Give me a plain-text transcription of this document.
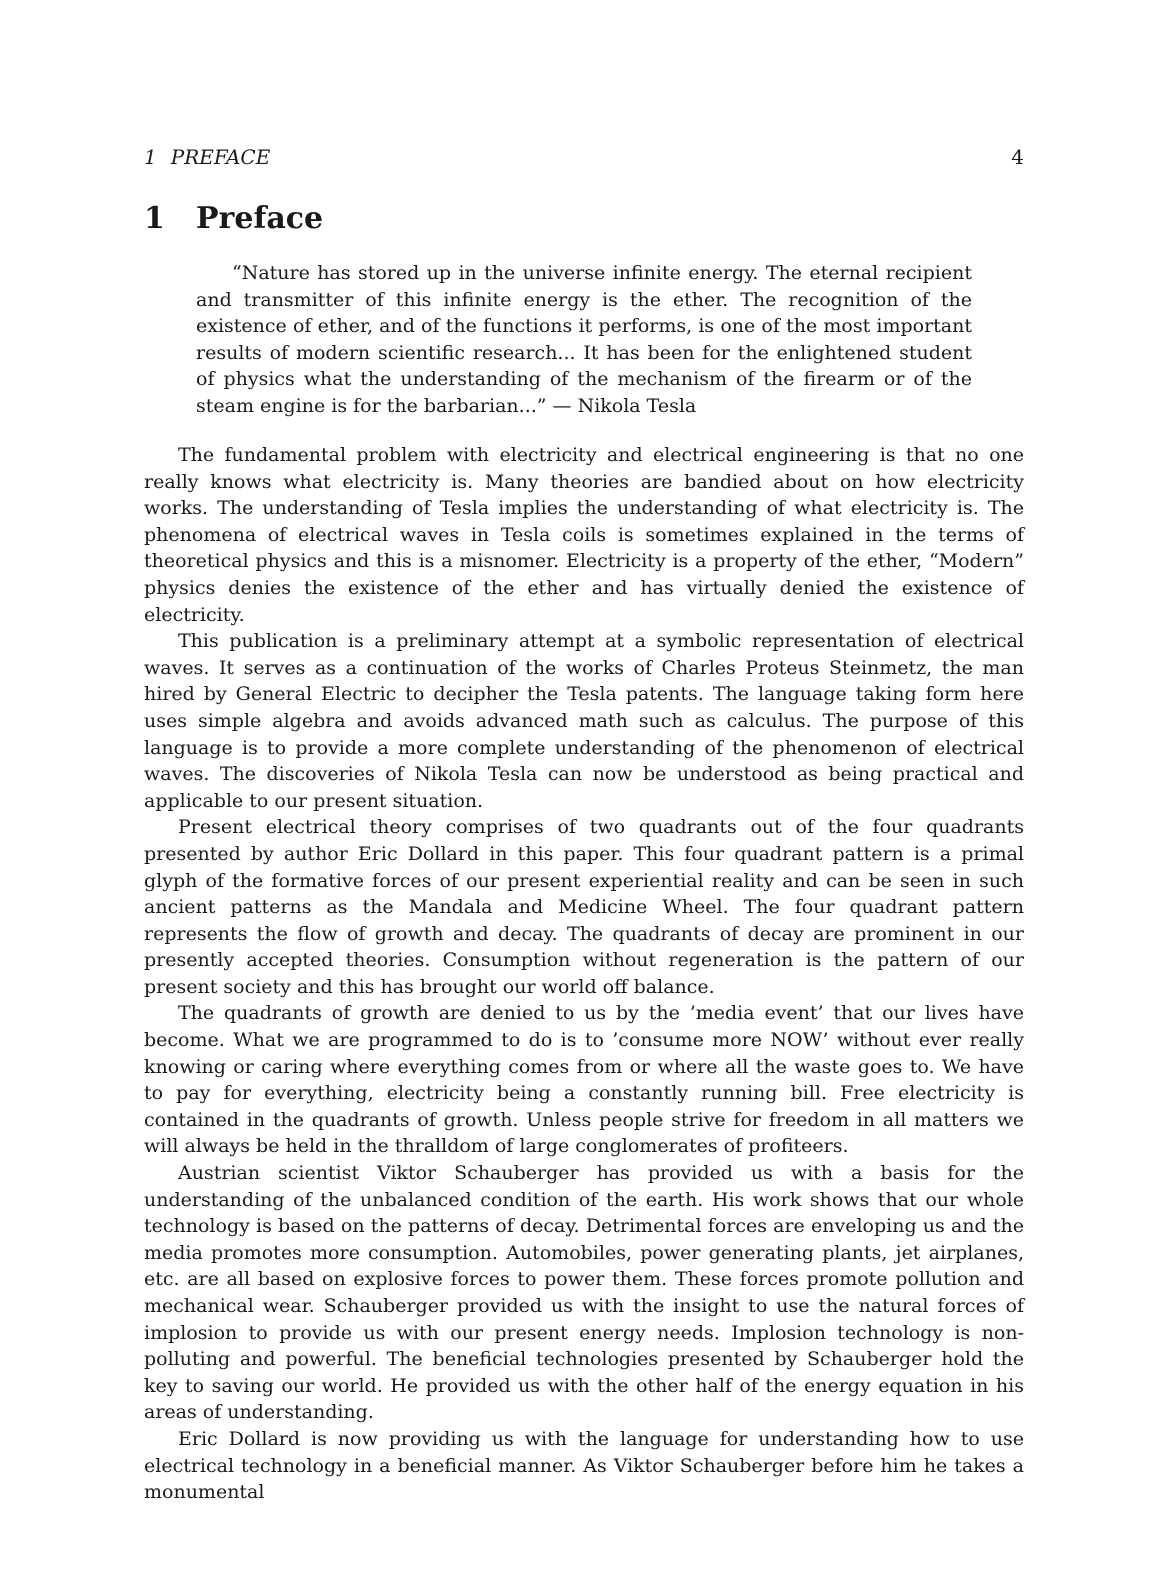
1 PREFACE	4
1 Preface
“Nature has stored up in the universe infinite energy. The eternal recipient and transmitter of this infinite energy is the ether. The recognition of the existence of ether, and of the functions it performs, is one of the most important results of modern scientific research... It has been for the enlightened student of physics what the understanding of the mechanism of the firearm or of the steam engine is for the barbarian...” — Nikola Tesla

The fundamental problem with electricity and electrical engineering is that no one really knows what electricity is. Many theories are bandied about on how electricity works. The understanding of Tesla implies the understanding of what electricity is. The phenomena of electrical waves in Tesla coils is sometimes explained in the terms of theoretical physics and this is a misnomer. Electricity is a property of the ether, “Modern” physics denies the existence of the ether and has virtually denied the existence of electricity.

This publication is a preliminary attempt at a symbolic representation of electrical waves. It serves as a continuation of the works of Charles Proteus Steinmetz, the man hired by General Electric to decipher the Tesla patents. The language taking form here uses simple algebra and avoids advanced math such as calculus. The purpose of this language is to provide a more complete understanding of the phenomenon of electrical waves. The discoveries of Nikola Tesla can now be understood as being practical and applicable to our present situation.

Present electrical theory comprises of two quadrants out of the four quadrants presented by author Eric Dollard in this paper. This four quadrant pattern is a primal glyph of the formative forces of our present experiential reality and can be seen in such ancient patterns as the Mandala and Medicine Wheel. The four quadrant pattern represents the flow of growth and decay. The quadrants of decay are prominent in our presently accepted theories. Consumption without regeneration is the pattern of our present society and this has brought our world off balance.

The quadrants of growth are denied to us by the ’media event’ that our lives have become. What we are programmed to do is to ’consume more NOW’ without ever really knowing or caring where everything comes from or where all the waste goes to. We have to pay for everything, electricity being a constantly running bill. Free electricity is contained in the quadrants of growth. Unless people strive for freedom in all matters we will always be held in the thralldom of large conglomerates of profiteers.

Austrian scientist Viktor Schauberger has provided us with a basis for the understanding of the unbalanced condition of the earth. His work shows that our whole technology is based on the patterns of decay. Detrimental forces are enveloping us and the media promotes more consumption. Automobiles, power generating plants, jet airplanes, etc. are all based on explosive forces to power them. These forces promote pollution and mechanical wear. Schauberger provided us with the insight to use the natural forces of implosion to provide us with our present energy needs. Implosion technology is non-polluting and powerful. The beneficial technologies presented by Schauberger hold the key to saving our world. He provided us with the other half of the energy equation in his areas of understanding.

Eric Dollard is now providing us with the language for understanding how to use electrical technology in a beneficial manner. As Viktor Schauberger before him he takes a monumental
